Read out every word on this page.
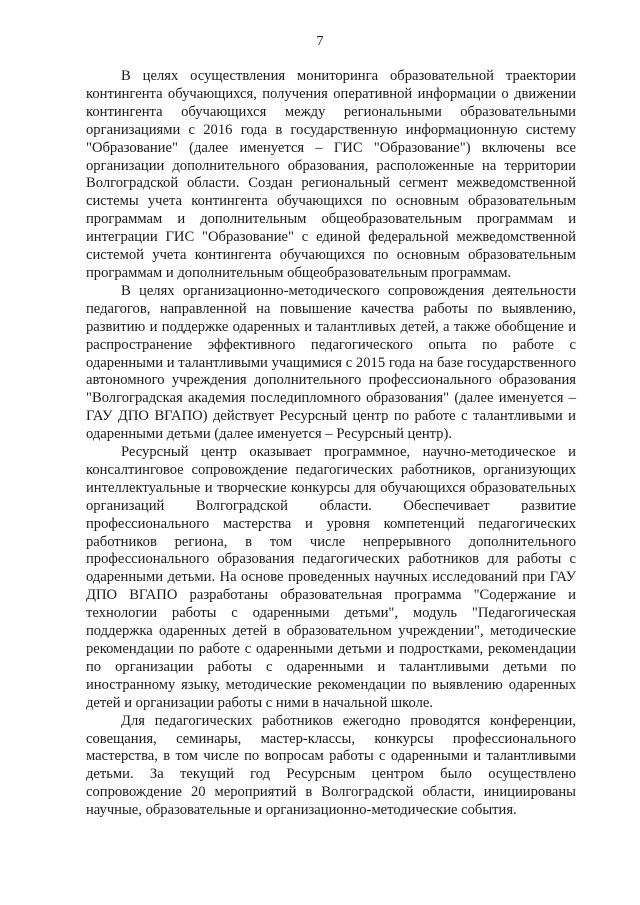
7

В целях осуществления мониторинга образовательной траектории контингента обучающихся, получения оперативной информации о движении контингента обучающихся между региональными образовательными организациями с 2016 года в государственную информационную систему "Образование" (далее именуется – ГИС "Образование") включены все организации дополнительного образования, расположенные на территории Волгоградской области. Создан региональный сегмент межведомственной системы учета контингента обучающихся по основным образовательным программам и дополнительным общеобразовательным программам и интеграции ГИС "Образование" с единой федеральной межведомственной системой учета контингента обучающихся по основным образовательным программам и дополнительным общеобразовательным программам.

В целях организационно-методического сопровождения деятельности педагогов, направленной на повышение качества работы по выявлению, развитию и поддержке одаренных и талантливых детей, а также обобщение и распространение эффективного педагогического опыта по работе с одаренными и талантливыми учащимися с 2015 года на базе государственного автономного учреждения дополнительного профессионального образования "Волгоградская академия последипломного образования" (далее именуется – ГАУ ДПО ВГАПО) действует Ресурсный центр по работе с талантливыми и одаренными детьми (далее именуется – Ресурсный центр).

Ресурсный центр оказывает программное, научно-методическое и консалтинговое сопровождение педагогических работников, организующих интеллектуальные и творческие конкурсы для обучающихся образовательных организаций Волгоградской области. Обеспечивает развитие профессионального мастерства и уровня компетенций педагогических работников региона, в том числе непрерывного дополнительного профессионального образования педагогических работников для работы с одаренными детьми. На основе проведенных научных исследований при ГАУ ДПО ВГАПО разработаны образовательная программа "Содержание и технологии работы с одаренными детьми", модуль "Педагогическая поддержка одаренных детей в образовательном учреждении", методические рекомендации по работе с одаренными детьми и подростками, рекомендации по организации работы с одаренными и талантливыми детьми по иностранному языку, методические рекомендации по выявлению одаренных детей и организации работы с ними в начальной школе.

Для педагогических работников ежегодно проводятся конференции, совещания, семинары, мастер-классы, конкурсы профессионального мастерства, в том числе по вопросам работы с одаренными и талантливыми детьми. За текущий год Ресурсным центром было осуществлено сопровождение 20 мероприятий в Волгоградской области, инициированы научные, образовательные и организационно-методические события.
